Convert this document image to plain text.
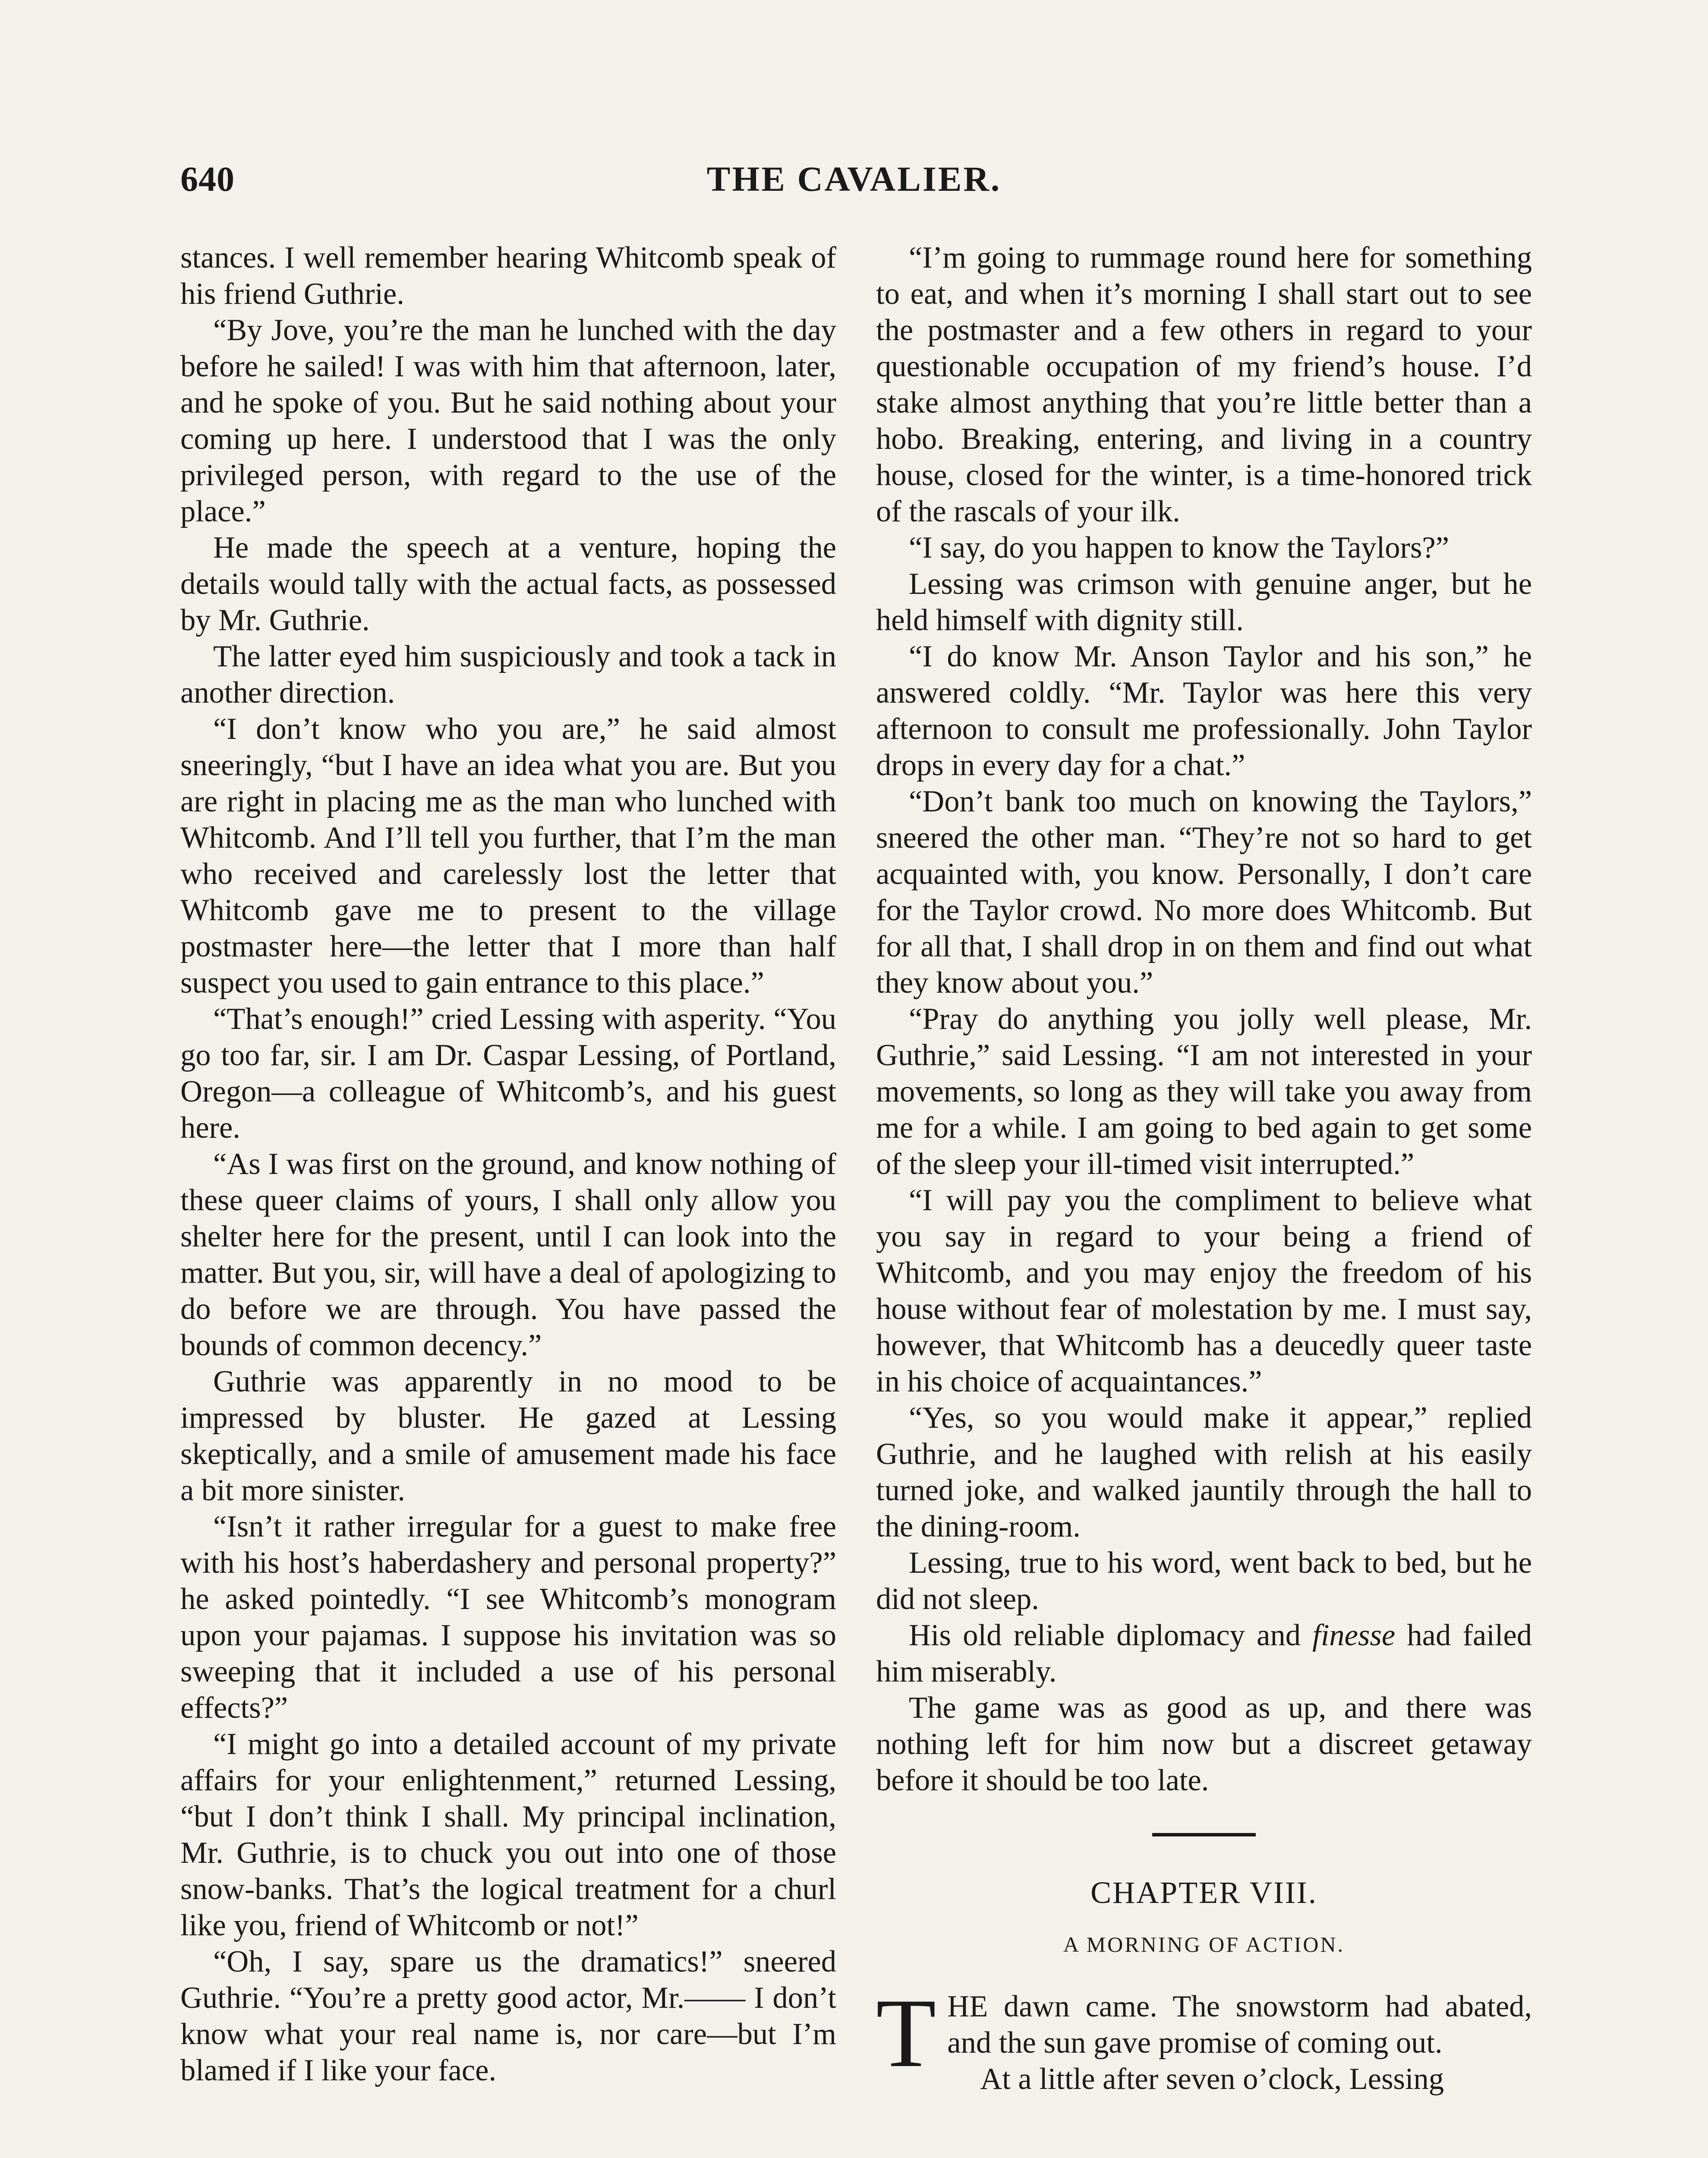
640	THE CAVALIER.

stances. I well remember hearing Whitcomb speak of his friend Guthrie.

“By Jove, you’re the man he lunched with the day before he sailed! I was with him that afternoon, later, and he spoke of you. But he said nothing about your coming up here. I understood that I was the only privileged person, with regard to the use of the place.”

He made the speech at a venture, hoping the details would tally with the actual facts, as possessed by Mr. Guthrie.

The latter eyed him suspiciously and took a tack in another direction.

“I don’t know who you are,” he said almost sneeringly, “but I have an idea what you are. But you are right in placing me as the man who lunched with Whitcomb. And I’ll tell you further, that I’m the man who received and carelessly lost the letter that Whitcomb gave me to present to the village postmaster here—the letter that I more than half suspect you used to gain entrance to this place.”

“That’s enough!” cried Lessing with asperity. “You go too far, sir. I am Dr. Caspar Lessing, of Portland, Oregon—a colleague of Whitcomb’s, and his guest here.

“As I was first on the ground, and know nothing of these queer claims of yours, I shall only allow you shelter here for the present, until I can look into the matter. But you, sir, will have a deal of apologizing to do before we are through. You have passed the bounds of common decency.”

Guthrie was apparently in no mood to be impressed by bluster. He gazed at Lessing skeptically, and a smile of amusement made his face a bit more sinister.

“Isn’t it rather irregular for a guest to make free with his host’s haberdashery and personal property?” he asked pointedly. “I see Whitcomb’s monogram upon your pajamas. I suppose his invitation was so sweeping that it included a use of his personal effects?”

“I might go into a detailed account of my private affairs for your enlightenment,” returned Lessing, “but I don’t think I shall. My principal inclination, Mr. Guthrie, is to chuck you out into one of those snow-banks. That’s the logical treatment for a churl like you, friend of Whitcomb or not!”

“Oh, I say, spare us the dramatics!” sneered Guthrie. “You’re a pretty good actor, Mr.—— I don’t know what your real name is, nor care—but I’m blamed if I like your face.

“I’m going to rummage round here for something to eat, and when it’s morning I shall start out to see the postmaster and a few others in regard to your questionable occupation of my friend’s house. I’d stake almost anything that you’re little better than a hobo. Breaking, entering, and living in a country house, closed for the winter, is a time-honored trick of the rascals of your ilk.

“I say, do you happen to know the Taylors?”

Lessing was crimson with genuine anger, but he held himself with dignity still.

“I do know Mr. Anson Taylor and his son,” he answered coldly. “Mr. Taylor was here this very afternoon to consult me professionally. John Taylor drops in every day for a chat.”

“Don’t bank too much on knowing the Taylors,” sneered the other man. “They’re not so hard to get acquainted with, you know. Personally, I don’t care for the Taylor crowd. No more does Whitcomb. But for all that, I shall drop in on them and find out what they know about you.”

“Pray do anything you jolly well please, Mr. Guthrie,” said Lessing. “I am not interested in your movements, so long as they will take you away from me for a while. I am going to bed again to get some of the sleep your ill-timed visit interrupted.”

“I will pay you the compliment to believe what you say in regard to your being a friend of Whitcomb, and you may enjoy the freedom of his house without fear of molestation by me. I must say, however, that Whitcomb has a deucedly queer taste in his choice of acquaintances.”

“Yes, so you would make it appear,” replied Guthrie, and he laughed with relish at his easily turned joke, and walked jauntily through the hall to the dining-room.

Lessing, true to his word, went back to bed, but he did not sleep.

His old reliable diplomacy and finesse had failed him miserably.

The game was as good as up, and there was nothing left for him now but a discreet getaway before it should be too late.

CHAPTER VIII.
A MORNING OF ACTION.

THE dawn came. The snowstorm had abated, and the sun gave promise of coming out.

At a little after seven o’clock, Lessing
